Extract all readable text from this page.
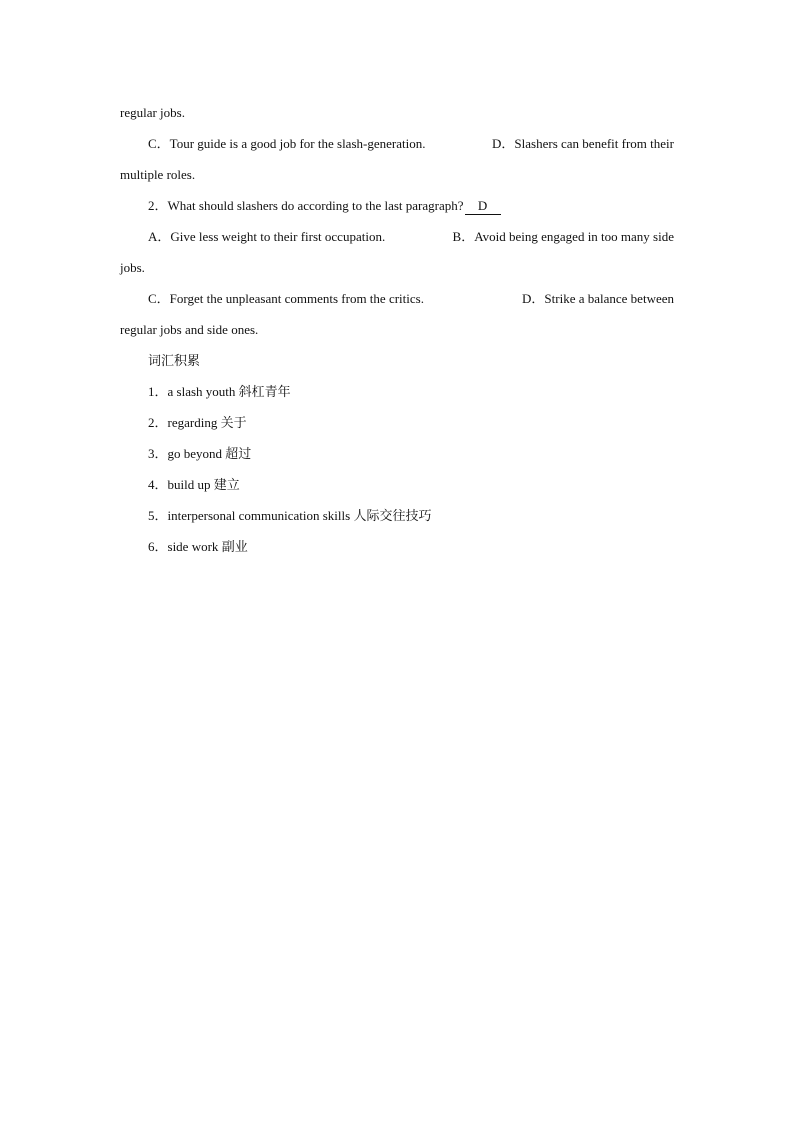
regular jobs.
C．Tour guide is a good job for the slash-generation.	D．Slashers can benefit from their
multiple roles.
2．What should slashers do according to the last paragraph? D
A．Give less weight to their first occupation.	B．Avoid being engaged in too many side
jobs.
C．Forget the unpleasant comments from the critics.	D．Strike a balance between
regular jobs and side ones.
词汇积累
1．a slash youth 斜杠青年
2．regarding 关于
3．go beyond 超过
4．build up 建立
5．interpersonal communication skills 人际交往技巧
6．side work 副业
